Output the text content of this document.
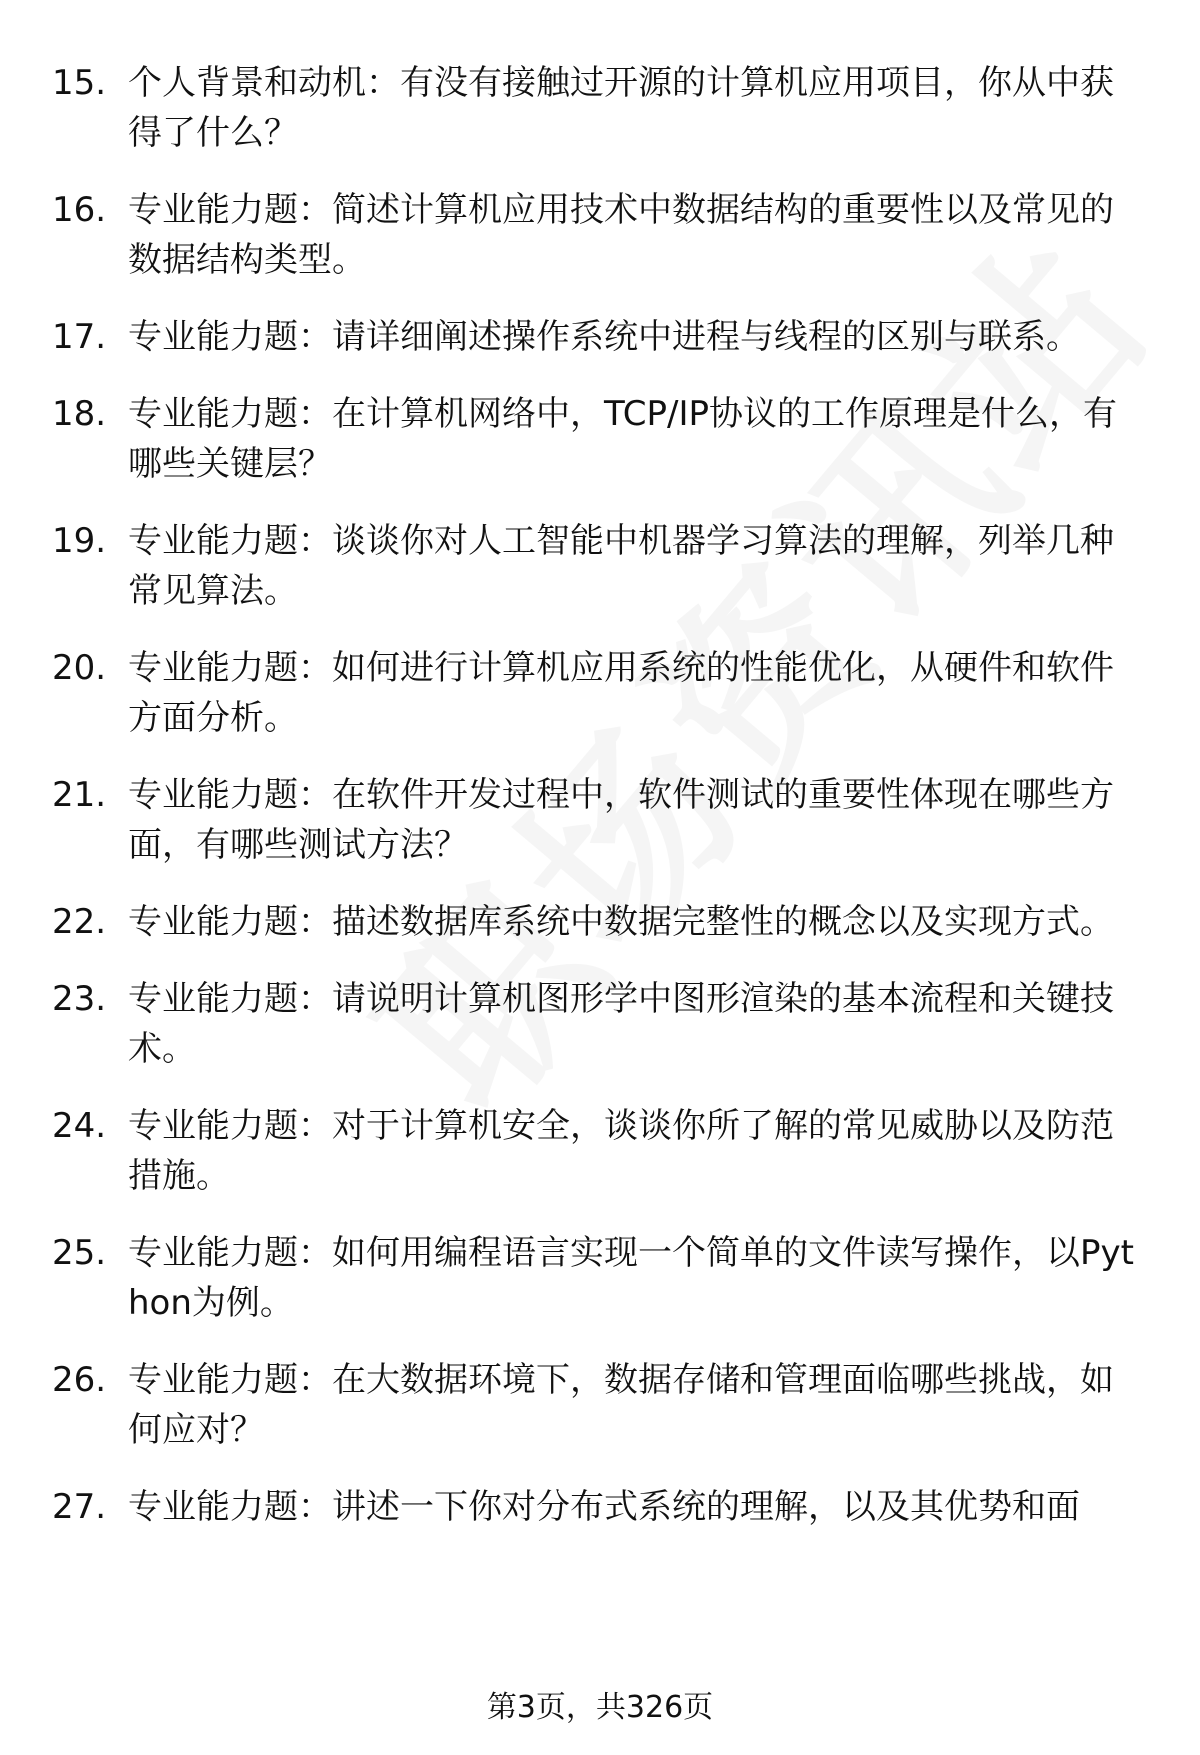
15. 个人背景和动机：有没有接触过开源的计算机应用项目，你从中获得了什么？
16. 专业能力题：简述计算机应用技术中数据结构的重要性以及常见的数据结构类型。
17. 专业能力题：请详细阐述操作系统中进程与线程的区别与联系。
18. 专业能力题：在计算机网络中，TCP/IP协议的工作原理是什么，有哪些关键层？
19. 专业能力题：谈谈你对人工智能中机器学习算法的理解，列举几种常见算法。
20. 专业能力题：如何进行计算机应用系统的性能优化，从硬件和软件方面分析。
21. 专业能力题：在软件开发过程中，软件测试的重要性体现在哪些方面，有哪些测试方法？
22. 专业能力题：描述数据库系统中数据完整性的概念以及实现方式。
23. 专业能力题：请说明计算机图形学中图形渲染的基本流程和关键技术。
24. 专业能力题：对于计算机安全，谈谈你所了解的常见威胁以及防范措施。
25. 专业能力题：如何用编程语言实现一个简单的文件读写操作，以Python为例。
26. 专业能力题：在大数据环境下，数据存储和管理面临哪些挑战，如何应对？
27. 专业能力题：讲述一下你对分布式系统的理解，以及其优势和面
第3页，共326页
